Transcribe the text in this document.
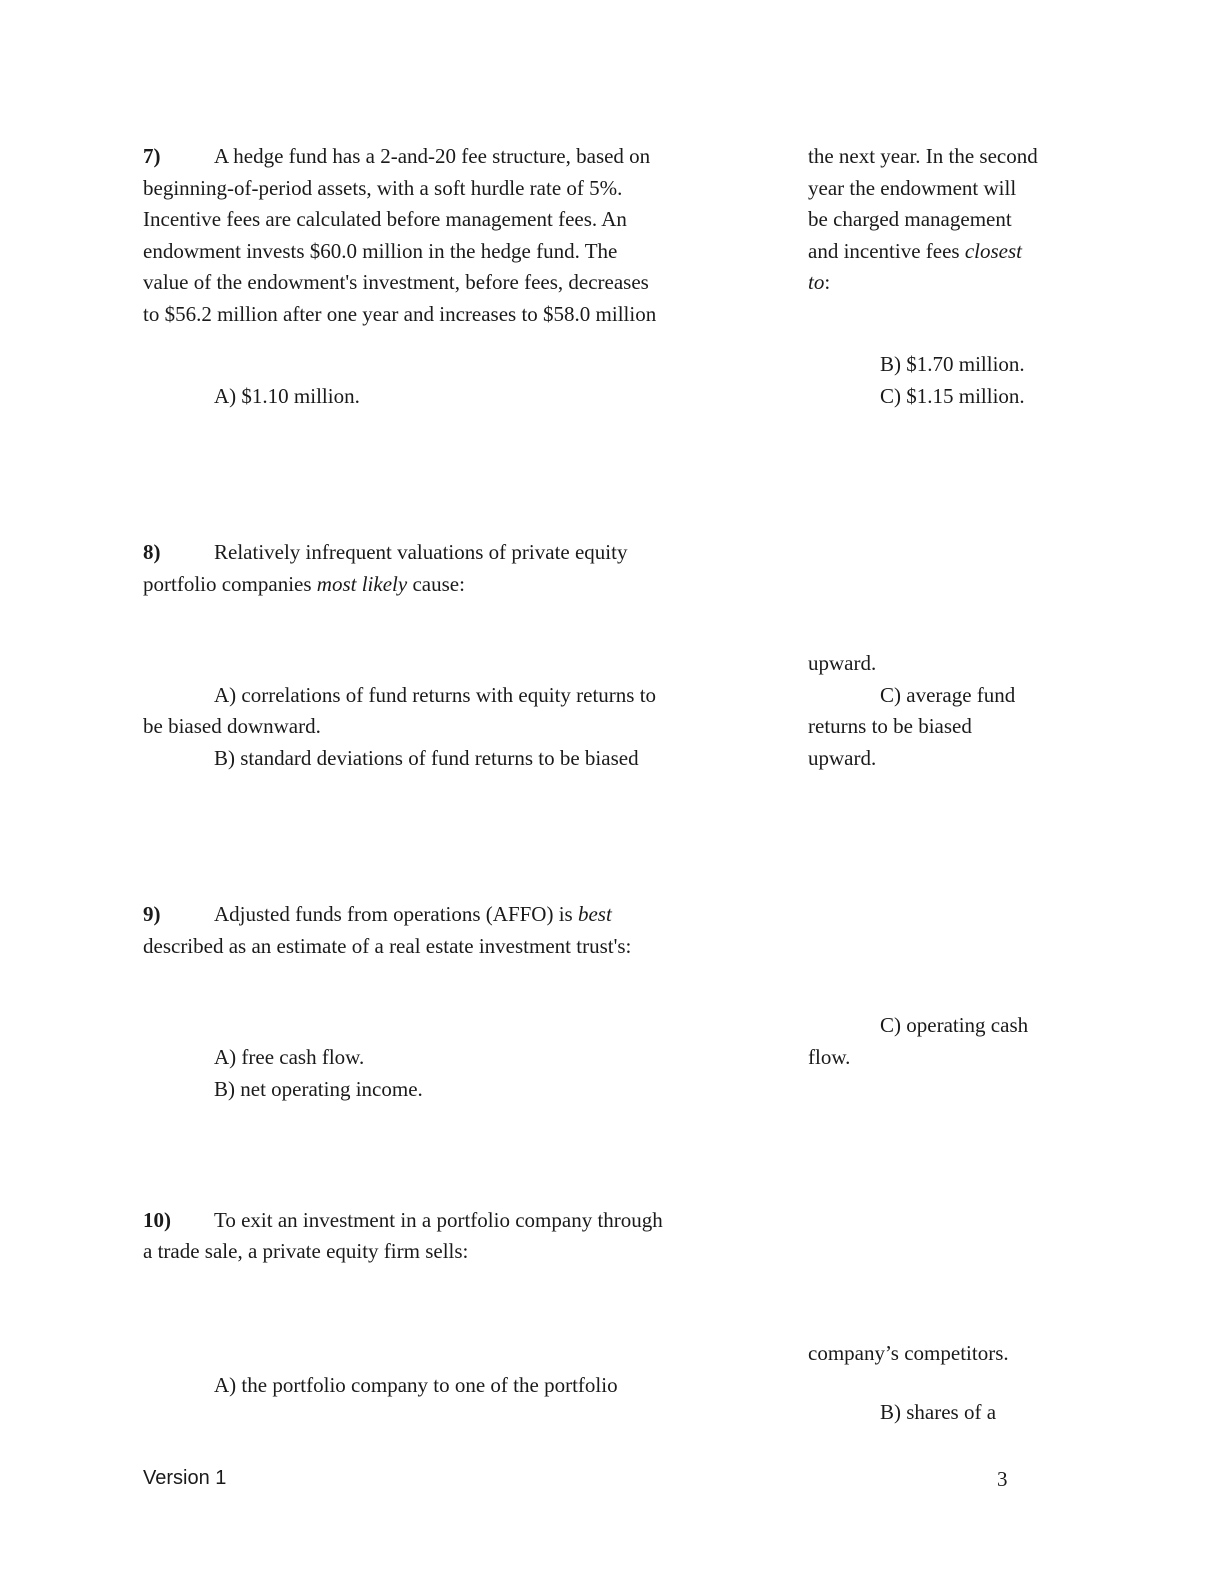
7)	A hedge fund has a 2-and-20 fee structure, based on
beginning-of-period assets, with a soft hurdle rate of 5%.
Incentive fees are calculated before management fees. An
endowment invests $60.0 million in the hedge fund. The
value of the endowment's investment, before fees, decreases
to $56.2 million after one year and increases to $58.0 million
the next year. In the second
year the endowment will
be charged management
and incentive fees closest
to:
A) $1.10 million.
B) $1.70 million.
C) $1.15 million.
8)	Relatively infrequent valuations of private equity
portfolio companies most likely cause:
A) correlations of fund returns with equity returns to
be biased downward.
B) standard deviations of fund returns to be biased
upward.
C) average fund
returns to be biased
upward.
9)	Adjusted funds from operations (AFFO) is best
described as an estimate of a real estate investment trust's:
A) free cash flow.
B) net operating income.
C) operating cash
flow.
10) To exit an investment in a portfolio company through
a trade sale, a private equity firm sells:
company’s competitors.
A) the portfolio company to one of the portfolio
B) shares of a
Version 1	3
